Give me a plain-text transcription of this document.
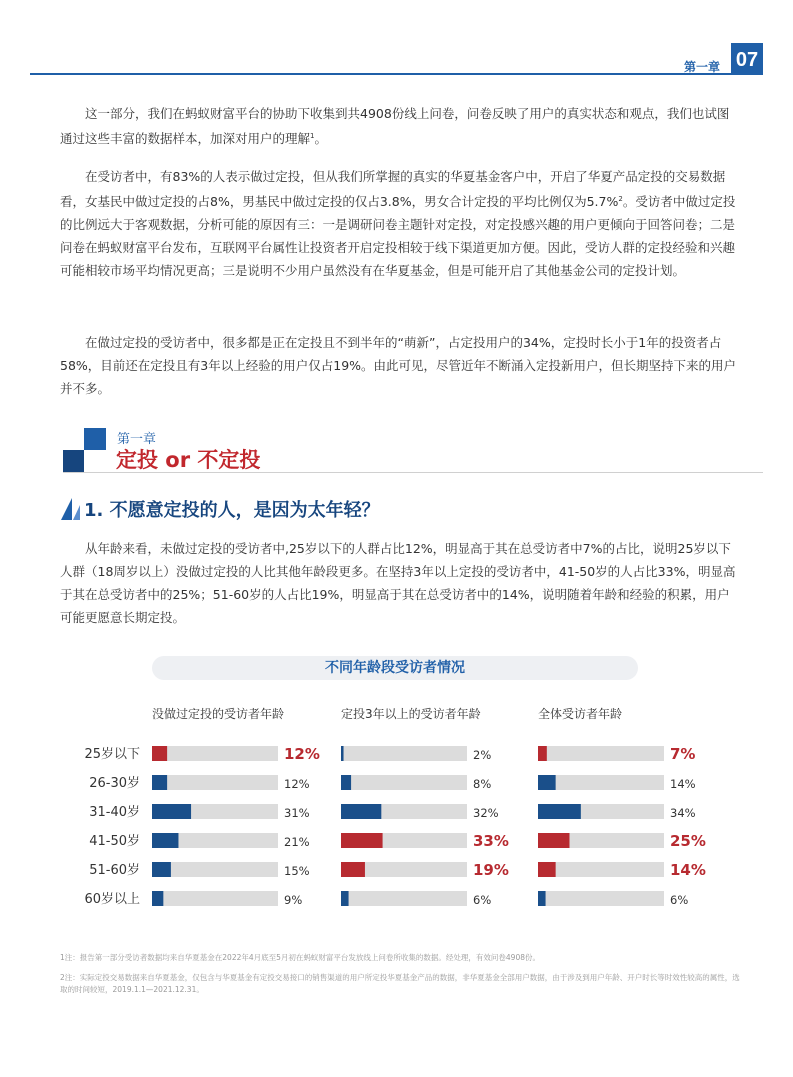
第一章 07

这一部分，我们在蚂蚁财富平台的协助下收集到共4908份线上问卷，问卷反映了用户的真实状态和观点，我们也试图通过这些丰富的数据样本，加深对用户的理解$^1$。

在受访者中，有83%的人表示做过定投，但从我们所掌握的真实的华夏基金客户中，开启了华夏产品定投的交易数据看，女基民中做过定投的占8%，男基民中做过定投的仅占3.8%，男女合计定投的平均比例仅为5.7%$^2$。受访者中做过定投的比例远大于客观数据，分析可能的原因有三：一是调研问卷主题针对定投，对定投感兴趣的用户更倾向于回答问卷；二是问卷在蚂蚁财富平台发布，互联网平台属性让投资者开启定投相较于线下渠道更加方便。因此，受访人群的定投经验和兴趣可能相较市场平均情况更高；三是说明不少用户虽然没有在华夏基金，但是可能开启了其他基金公司的定投计划。

在做过定投的受访者中，很多都是正在定投且不到半年的“萌新”，占定投用户的34%，定投时长小于1年的投资者占58%，目前还在定投且有3年以上经验的用户仅占19%。由此可见，尽管近年不断涌入定投新用户，但长期坚持下来的用户并不多。

第一章
定投 or 不定投
1. 不愿意定投的人，是因为太年轻？

从年龄来看，未做过定投的受访者中,25岁以下的人群占比12%，明显高于其在总受访者中7%的占比，说明25岁以下人群（18周岁以上）没做过定投的人比其他年龄段更多。在坚持3年以上定投的受访者中，41-50岁的人占比33%，明显高于其在总受访者中的25%；51-60岁的人占比19%，明显高于其在总受访者中的14%，说明随着年龄和经验的积累，用户可能更愿意长期定投。

不同年龄段受访者情况
25岁以下
26-30岁
31-40岁
41-50岁
51-60岁
60岁以上
没做过定投的受访者年龄
12%
12%
31%
21%
15%
9%
定投3年以上的受访者年龄
2%
8%
32%
33%
19%
6%
全体受访者年龄
7%
14%
34%
25%
14%
6%

1注：报告第一部分受访者数据均来自华夏基金在2022年4月底至5月初在蚂蚁财富平台发放线上问卷所收集的数据。经处理，有效问卷4908份。

2注：实际定投交易数据来自华夏基金，仅包含与华夏基金有定投交易接口的销售渠道的用户所定投华夏基金产品的数据，非华夏基金全部用户数据，由于涉及到用户年龄、开户时长等时效性较高的属性，选取的时间较短，2019.1.1—2021.12.31。
